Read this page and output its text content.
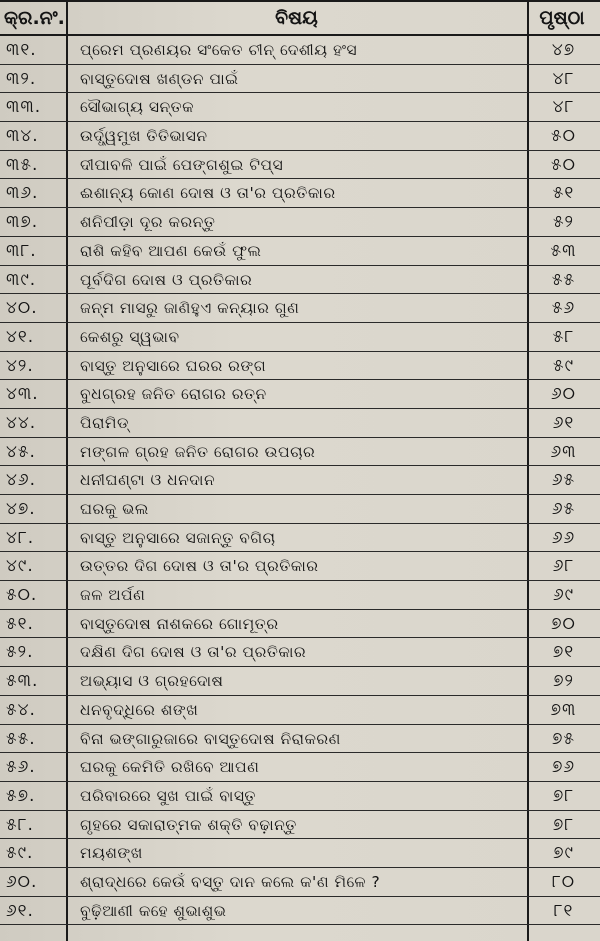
କ୍ର.ନଂ.	ବିଷୟ	ପୃଷ୍ଠା
୩୧.	ପ୍ରେମ ପ୍ରଣୟର ସଂକେତ ଚୀନ୍ ଦେଶୀୟ ହଂସ	୪୭
୩୨.	ବାସ୍ତୁଦୋଷ ଖଣ୍ଡନ ପାଇଁ	୪୮
୩୩.	ସୌଭାଗ୍ୟ ସନ୍ତକ	୪୮
୩୪.	ଉର୍ଦ୍ଧ୍ୱମୁଖ ତିତିଭାସନ	୫୦
୩୫.	ଦୀପାବଳି ପାଇଁ ପେଙ୍ଗଶୁଇ ଟିପ୍ସ	୫୦
୩୬.	ଈଶାନ୍ୟ କୋଣ ଦୋଷ ଓ ତା'ର ପ୍ରତିକାର	୫୧
୩୭.	ଶନିପୀଡ଼ା ଦୂର କରନ୍ତୁ	୫୨
୩୮.	ରାଶି କହିବ ଆପଣ କେଉଁ ଫୁଲ	୫୩
୩୯.	ପୂର୍ବଦିଗ ଦୋଷ ଓ ପ୍ରତିକାର	୫୫
୪୦.	ଜନ୍ମ ମାସରୁ ଜାଣିହୁଏ କନ୍ୟାର ଗୁଣ	୫୬
୪୧.	କେଶରୁ ସ୍ୱଭାବ	୫୮
୪୨.	ବାସ୍ତୁ ଅନୁସାରେ ଘରର ରଙ୍ଗ	୫୯
୪୩.	ବୁଧଗ୍ରହ ଜନିତ ରୋଗର ରତ୍ନ	୬୦
୪୪.	ପିରାମିଡ୍	୬୧
୪୫.	ମଙ୍ଗଳ ଗ୍ରହ ଜନିତ ରୋଗର ଉପଚାର	୬୩
୪୬.	ଧନୀଘଣ୍ଟା ଓ ଧନଦାନ	୬୫
୪୭.	ଘରକୁ ଭଲ	୬୫
୪୮.	ବାସ୍ତୁ ଅନୁସାରେ ସଜାନ୍ତୁ ବଗିଚା	୬୬
୪୯.	ଉତ୍ତର ଦିଗ ଦୋଷ ଓ ତା'ର ପ୍ରତିକାର	୬୮
୫୦.	ଜଳ ଅର୍ପଣ	୬୯
୫୧.	ବାସ୍ତୁଦୋଷ ନାଶକରେ ଗୋମୂତ୍ର	୭୦
୫୨.	ଦକ୍ଷିଣ ଦିଗ ଦୋଷ ଓ ତା'ର ପ୍ରତିକାର	୭୧
୫୩.	ଅଭ୍ୟାସ ଓ ଗ୍ରହଦୋଷ	୭୨
୫୪.	ଧନବୃଦ୍ଧିରେ ଶଙ୍ଖ	୭୩
୫୫.	ବିନା ଭଙ୍ଗାରୁଜାରେ ବାସ୍ତୁଦୋଷ ନିରାକରଣ	୭୫
୫୬.	ଘରକୁ କେମିତି ରଖିବେ ଆପଣ	୭୬
୫୭.	ପରିବାରରେ ସୁଖ ପାଇଁ ବାସ୍ତୁ	୭୮
୫୮.	ଗୃହରେ ସକାରାତ୍ମକ ଶକ୍ତି ବଢ଼ାନ୍ତୁ	୭୮
୫୯.	ମୟଶଙ୍ଖ	୭୯
୬୦.	ଶ୍ରାଦ୍ଧରେ କେଉଁ ବସ୍ତୁ ଦାନ କଲେ କ'ଣ ମିଳେ ?	୮୦
୬୧.	ବୁଢ଼ିଆଣୀ କହେ ଶୁଭାଶୁଭ	୮୧
